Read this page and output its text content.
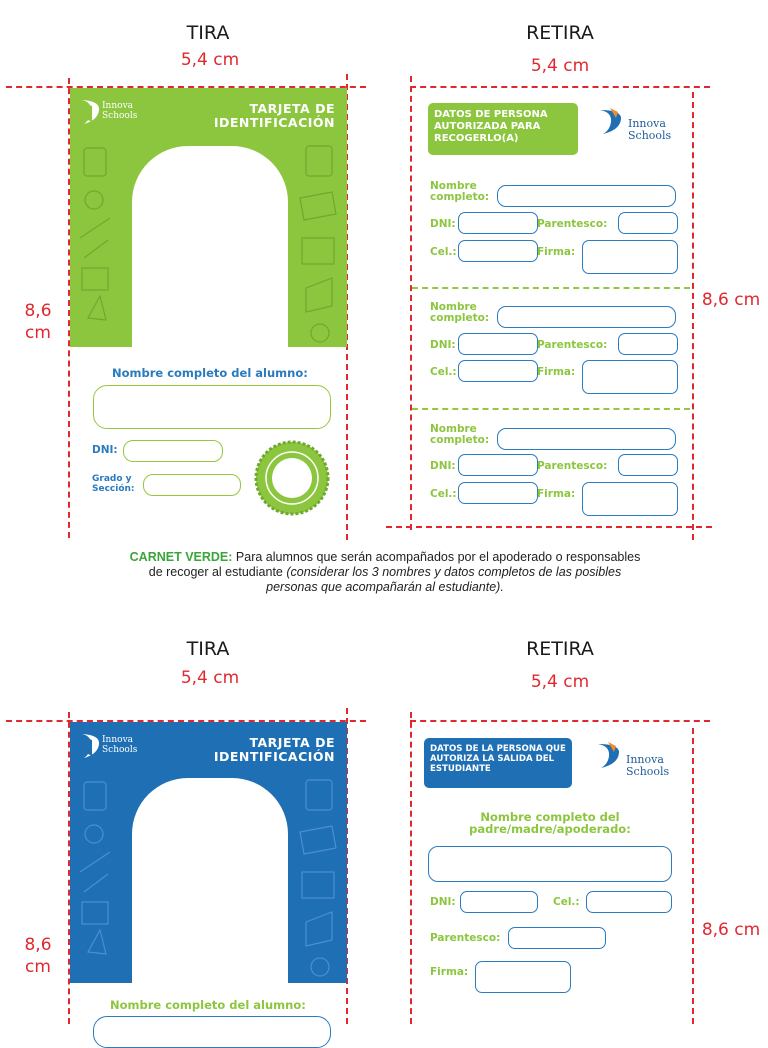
TIRA	RETIRA
5,4 cm	5,4 cm
8,6 cm
8,6 cm
Innova
Schools	TARJETA DE IDENTIFICACIÓN
Nombre completo del alumno:
DNI:
Grado y
Sección:
DATOS DE PERSONA AUTORIZADA PARA RECOGERLO(A)
Innova
Schools
Nombre
completo:
DNI:	Parentesco:
Cel.:	Firma:
Nombre
completo:
DNI:	Parentesco:
Cel.:	Firma:
Nombre
completo:
DNI:	Parentesco:
Cel.:	Firma:
CARNET VERDE: Para alumnos que serán acompañados por el apoderado o responsables
de recoger al estudiante (considerar los 3 nombres y datos completos de las posibles
personas que acompañarán al estudiante).
TIRA	RETIRA
5,4 cm	5,4 cm
8,6 cm
8,6 cm
Innova
Schools	TARJETA DE IDENTIFICACIÓN
Nombre completo del alumno:
DATOS DE LA PERSONA QUE AUTORIZA LA SALIDA DEL ESTUDIANTE
Innova
Schools
Nombre completo del
padre/madre/apoderado:
DNI:	Cel.:
Parentesco:
Firma:
